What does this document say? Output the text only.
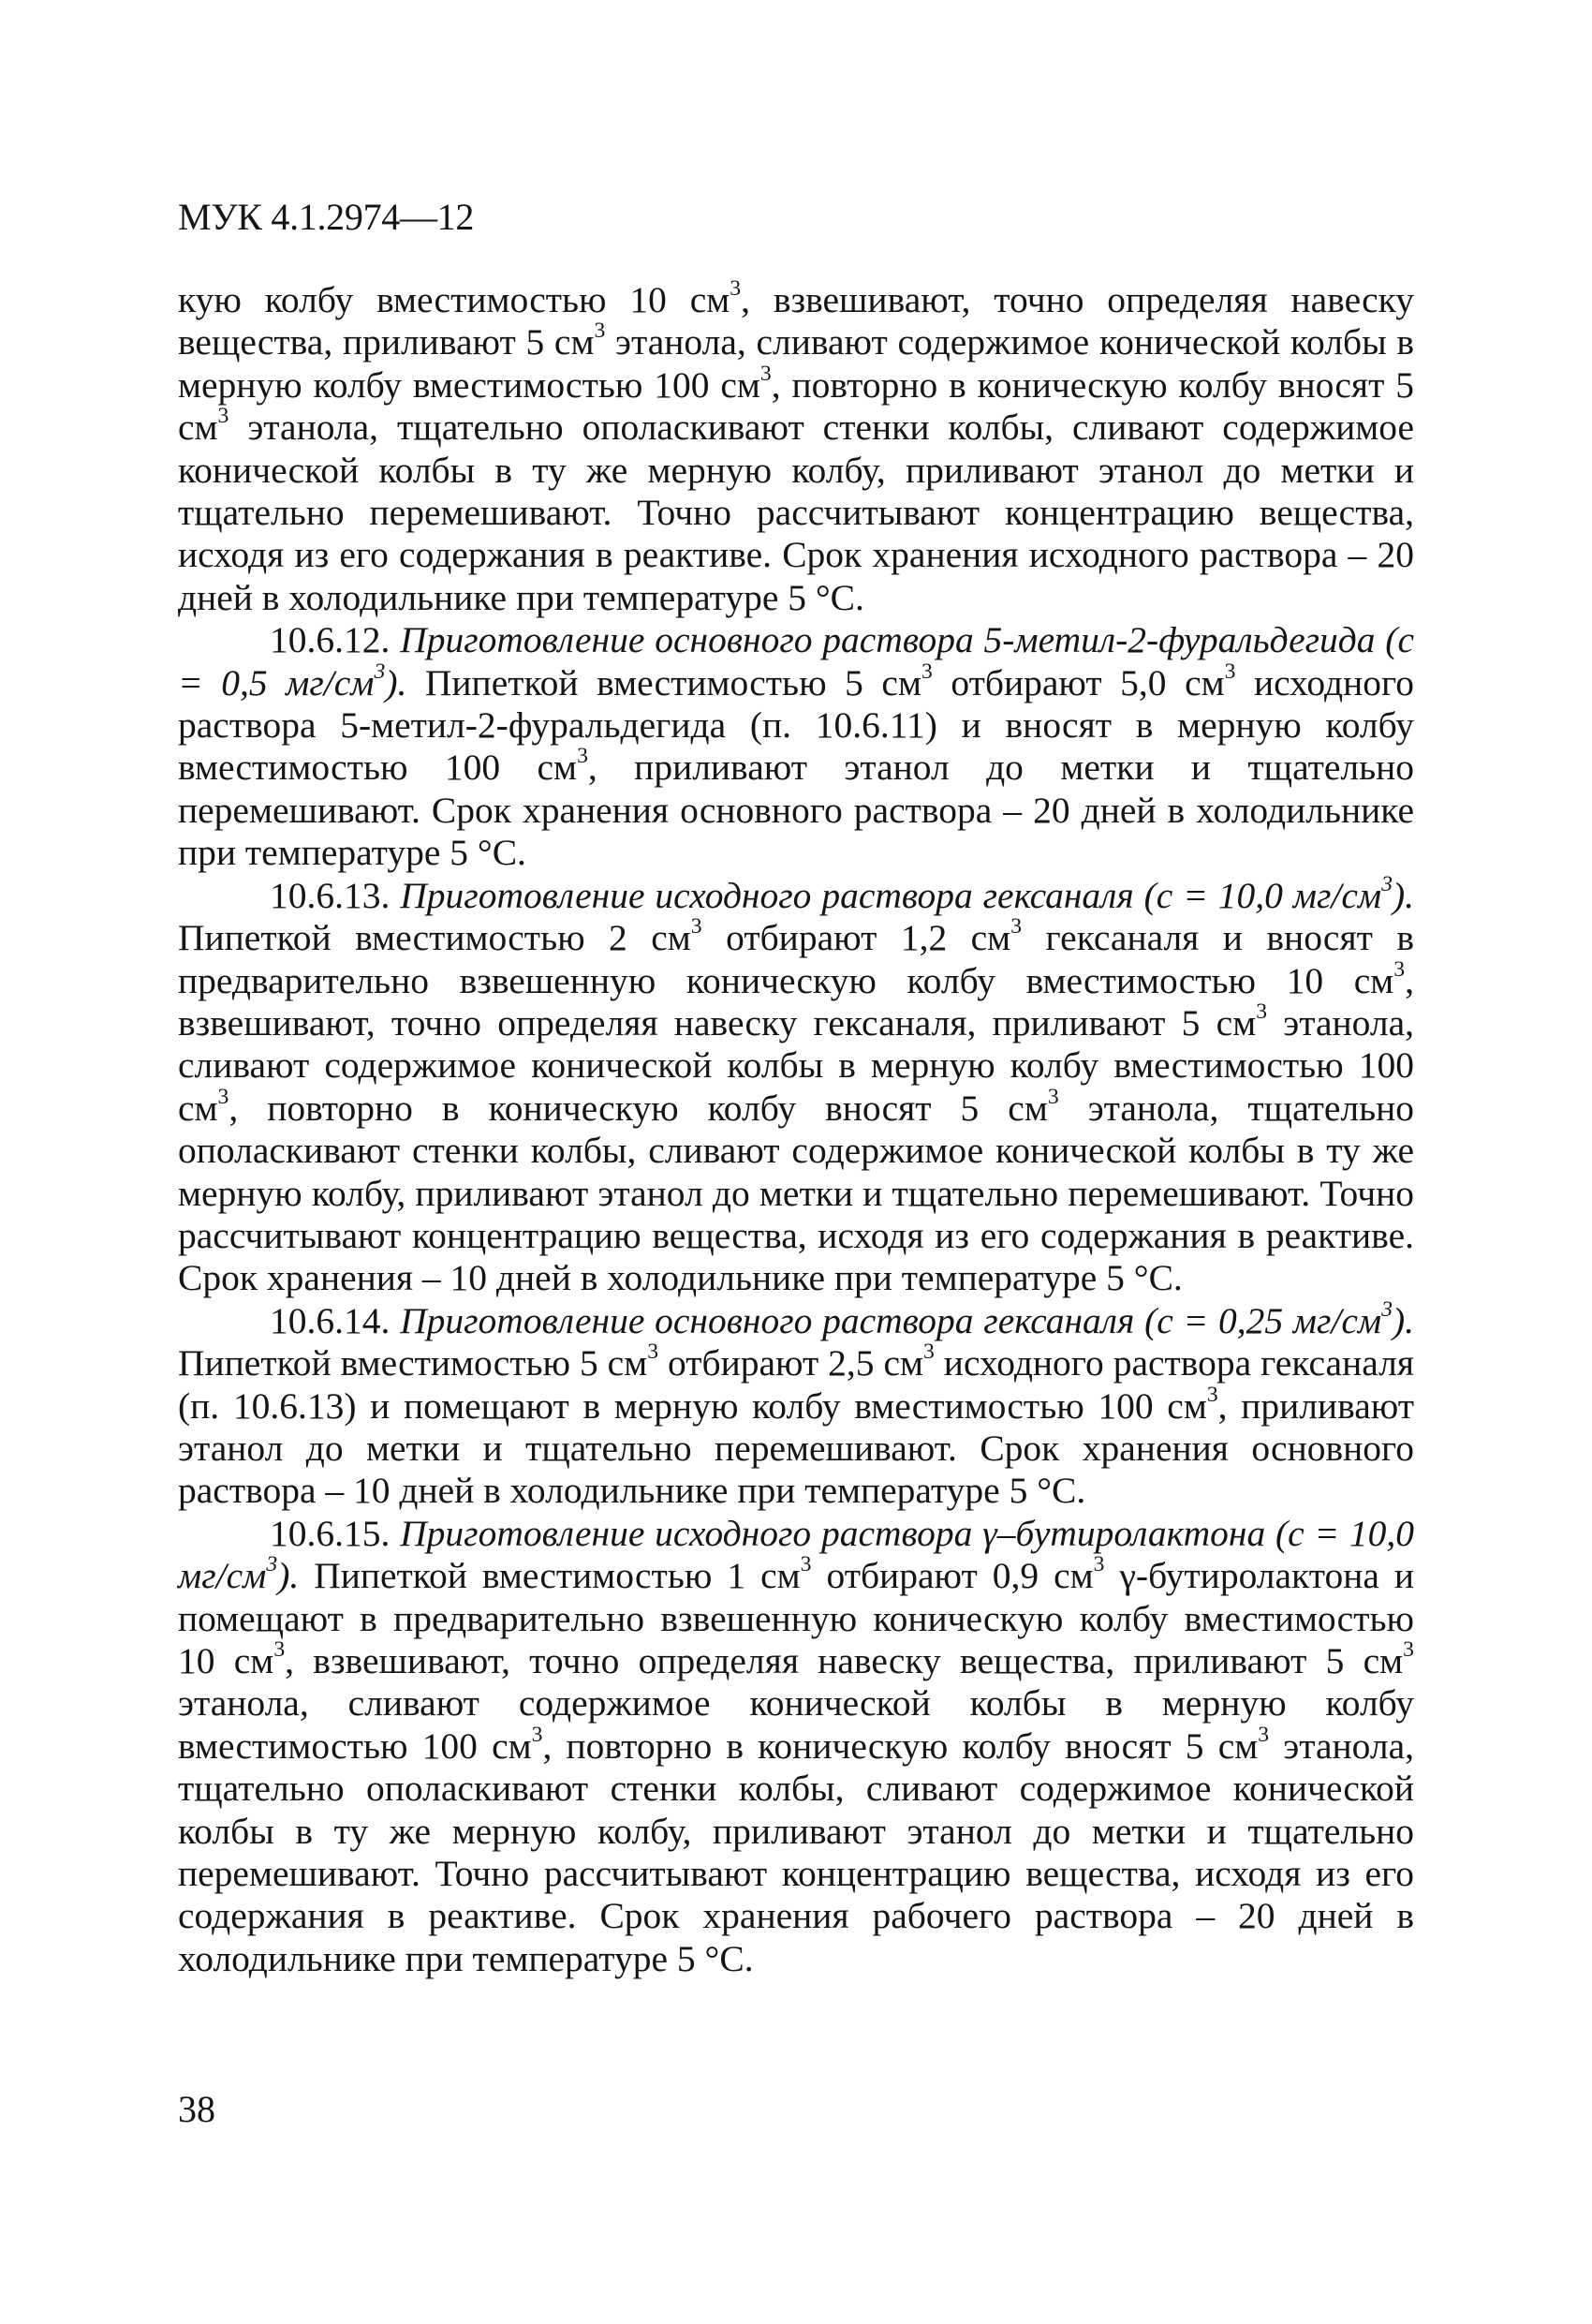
МУК 4.1.2974—12

кую колбу вместимостью 10 $см^3$, взвешивают, точно определяя навеску вещества, приливают 5 $см^3$ этанола, сливают содержимое конической колбы в мерную колбу вместимостью 100 $см^3$, повторно в коническую колбу вносят 5 $см^3$ этанола, тщательно ополаскивают стенки колбы, сливают содержимое конической колбы в ту же мерную колбу, приливают этанол до метки и тщательно перемешивают. Точно рассчитывают концентрацию вещества, исходя из его содержания в реактиве. Срок хранения исходного раствора – 20 дней в холодильнике при температуре 5 °С.

10.6.12. Приготовление основного раствора 5-метил-2-фуральдегида (с = 0,5 $мг/см^3$). Пипеткой вместимостью 5 $см^3$ отбирают 5,0 $см^3$ исходного раствора 5-метил-2-фуральдегида (п. 10.6.11) и вносят в мерную колбу вместимостью 100 $см^3$, приливают этанол до метки и тщательно перемешивают. Срок хранения основного раствора – 20 дней в холодильнике при температуре 5 °С.

10.6.13. Приготовление исходного раствора гексаналя (с = 10,0 $мг/см^3$). Пипеткой вместимостью 2 $см^3$ отбирают 1,2 $см^3$ гексаналя и вносят в предварительно взвешенную коническую колбу вместимостью 10 $см^3$, взвешивают, точно определяя навеску гексаналя, приливают 5 $см^3$ этанола, сливают содержимое конической колбы в мерную колбу вместимостью 100 $см^3$, повторно в коническую колбу вносят 5 $см^3$ этанола, тщательно ополаскивают стенки колбы, сливают содержимое конической колбы в ту же мерную колбу, приливают этанол до метки и тщательно перемешивают. Точно рассчитывают концентрацию вещества, исходя из его содержания в реактиве. Срок хранения – 10 дней в холодильнике при температуре 5 °С.

10.6.14. Приготовление основного раствора гексаналя (с = 0,25 $мг/см^3$). Пипеткой вместимостью 5 $см^3$ отбирают 2,5 $см^3$ исходного раствора гексаналя (п. 10.6.13) и помещают в мерную колбу вместимостью 100 $см^3$, приливают этанол до метки и тщательно перемешивают. Срок хранения основного раствора – 10 дней в холодильнике при температуре 5 °С.

10.6.15. Приготовление исходного раствора γ–бутиролактона (с = 10,0 $мг/см^3$). Пипеткой вместимостью 1 $см^3$ отбирают 0,9 $см^3$ γ-бутиролактона и помещают в предварительно взвешенную коническую колбу вместимостью 10 $см^3$, взвешивают, точно определяя навеску вещества, приливают 5 $см^3$ этанола, сливают содержимое конической колбы в мерную колбу вместимостью 100 $см^3$, повторно в коническую колбу вносят 5 $см^3$ этанола, тщательно ополаскивают стенки колбы, сливают содержимое конической колбы в ту же мерную колбу, приливают этанол до метки и тщательно перемешивают. Точно рассчитывают концентрацию вещества, исходя из его содержания в реактиве. Срок хранения рабочего раствора – 20 дней в холодильнике при температуре 5 °С.

38
